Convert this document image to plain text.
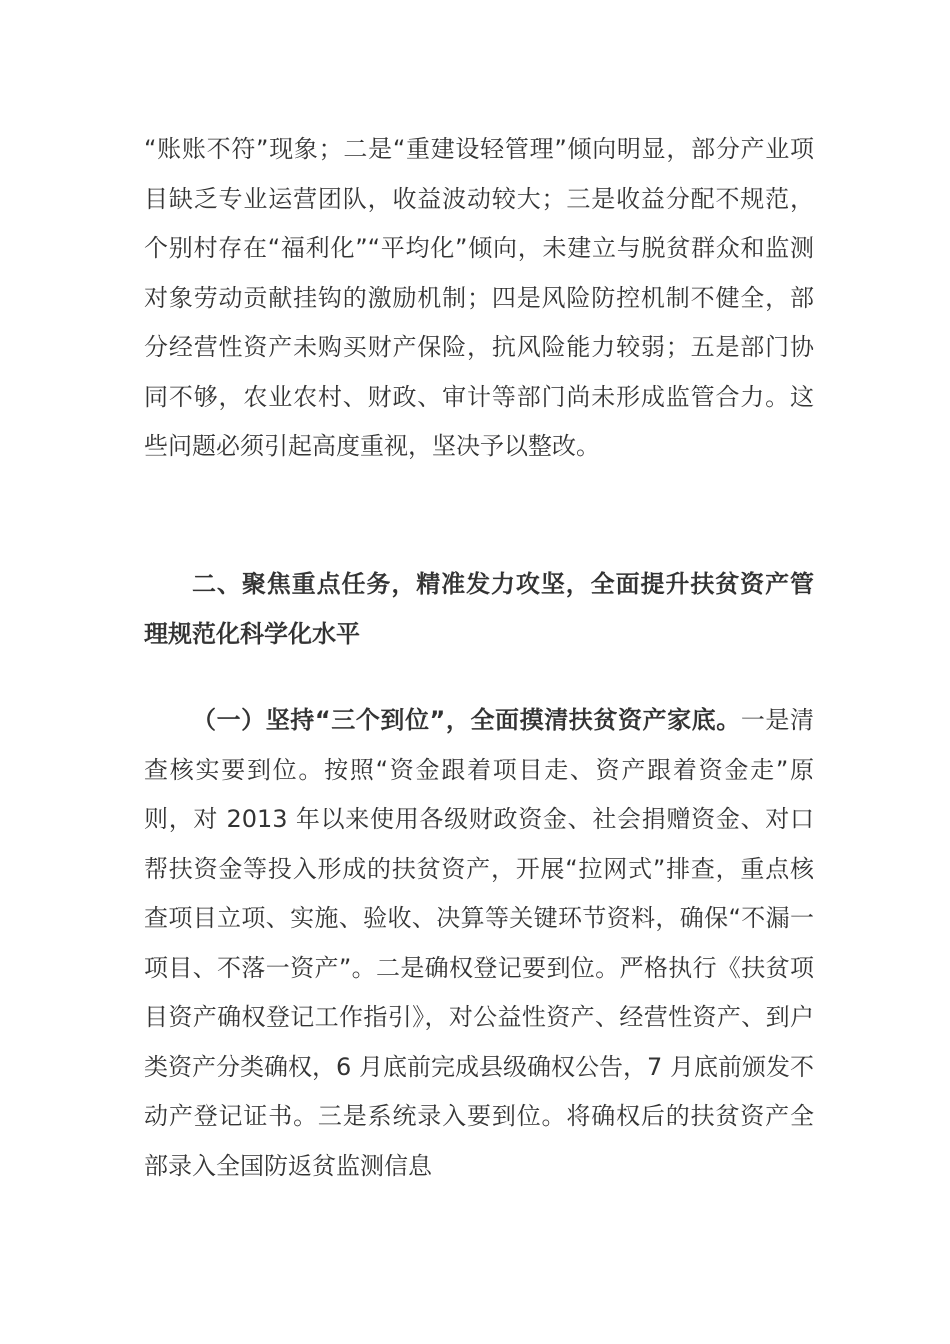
“账账不符”现象；二是“重建设轻管理”倾向明显，部分产业项目缺乏专业运营团队，收益波动较大；三是收益分配不规范，个别村存在“福利化”“平均化”倾向，未建立与脱贫群众和监测对象劳动贡献挂钩的激励机制；四是风险防控机制不健全，部分经营性资产未购买财产保险，抗风险能力较弱；五是部门协同不够，农业农村、财政、审计等部门尚未形成监管合力。这些问题必须引起高度重视，坚决予以整改。

二、聚焦重点任务，精准发力攻坚，全面提升扶贫资产管理规范化科学化水平

（一）坚持“三个到位”，全面摸清扶贫资产家底。一是清查核实要到位。按照“资金跟着项目走、资产跟着资金走”原则，对 2013 年以来使用各级财政资金、社会捐赠资金、对口帮扶资金等投入形成的扶贫资产，开展“拉网式”排查，重点核查项目立项、实施、验收、决算等关键环节资料，确保“不漏一项目、不落一资产”。二是确权登记要到位。严格执行《扶贫项目资产确权登记工作指引》，对公益性资产、经营性资产、到户类资产分类确权，6 月底前完成县级确权公告，7 月底前颁发不动产登记证书。三是系统录入要到位。将确权后的扶贫资产全部录入全国防返贫监测信息
